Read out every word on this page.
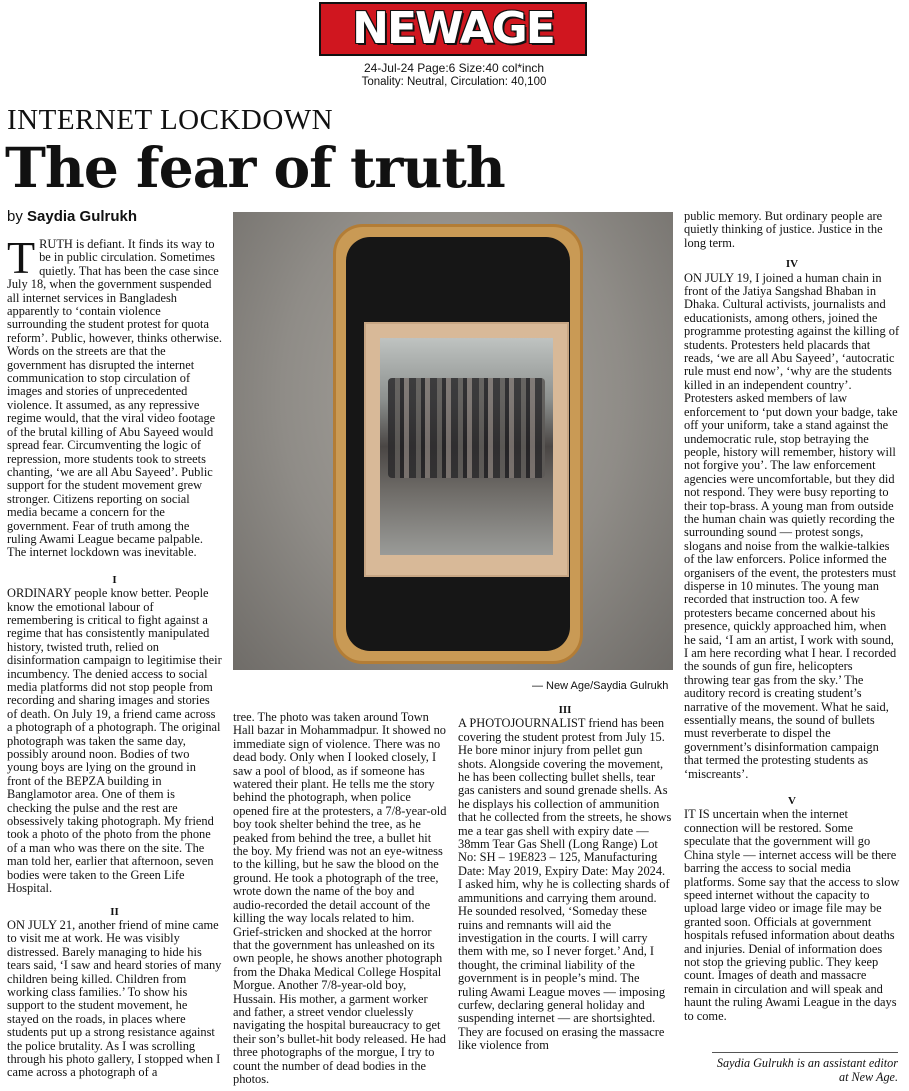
NEWAGE
24-Jul-24 Page:6 Size:40 col*inch
Tonality: Neutral, Circulation: 40,100
INTERNET LOCKDOWN
The fear of truth
by Saydia Gulrukh

TRUTH is defiant. It finds its way to be in public circulation. Sometimes quietly. That has been the case since July 18, when the government suspended all internet services in Bangladesh apparently to ‘contain violence surrounding the student protest for quota reform’. Public, however, thinks otherwise. Words on the streets are that the government has disrupted the internet communication to stop circulation of images and stories of unprecedented violence. It assumed, as any repressive regime would, that the viral video footage of the brutal killing of Abu Sayeed would spread fear. Circumventing the logic of repression, more students took to streets chanting, ‘we are all Abu Sayeed’. Public support for the student movement grew stronger. Citizens reporting on social media became a concern for the government. Fear of truth among the ruling Awami League became palpable. The internet lockdown was inevitable.

I

ORDINARY people know better. People know the emotional labour of remembering is critical to fight against a regime that has consistently manipulated history, twisted truth, relied on disinformation campaign to legitimise their incumbency. The denied access to social media platforms did not stop people from recording and sharing images and stories of death. On July 19, a friend came across a photograph of a photograph. The original photograph was taken the same day, possibly around noon. Bodies of two young boys are lying on the ground in front of the BEPZA building in Banglamotor area. One of them is checking the pulse and the rest are obsessively taking photograph. My friend took a photo of the photo from the phone of a man who was there on the site. The man told her, earlier that afternoon, seven bodies were taken to the Green Life Hospital.

II

ON JULY 21, another friend of mine came to visit me at work. He was visibly distressed. Barely managing to hide his tears said, ‘I saw and heard stories of many children being killed. Children from working class families.’ To show his support to the student movement, he stayed on the roads, in places where students put up a strong resistance against the police brutality. As I was scrolling through his photo gallery, I stopped when I came across a photograph of a

— New Age/Saydia Gulrukh

tree. The photo was taken around Town Hall bazar in Mohammadpur. It showed no immediate sign of violence. There was no dead body. Only when I looked closely, I saw a pool of blood, as if someone has watered their plant. He tells me the story behind the photograph, when police opened fire at the protesters, a 7/8-year-old boy took shelter behind the tree, as he peaked from behind the tree, a bullet hit the boy. My friend was not an eye-witness to the killing, but he saw the blood on the ground. He took a photograph of the tree, wrote down the name of the boy and audio-recorded the detail account of the killing the way locals related to him. Grief-stricken and shocked at the horror that the government has unleashed on its own people, he shows another photograph from the Dhaka Medical College Hospital Morgue. Another 7/8-year-old boy, Hussain. His mother, a garment worker and father, a street vendor cluelessly navigating the hospital bureaucracy to get their son’s bullet-hit body released. He had three photographs of the morgue, I try to count the number of dead bodies in the photos.

III

A PHOTOJOURNALIST friend has been covering the student protest from July 15. He bore minor injury from pellet gun shots. Alongside covering the movement, he has been collecting bullet shells, tear gas canisters and sound grenade shells. As he displays his collection of ammunition that he collected from the streets, he shows me a tear gas shell with expiry date — 38mm Tear Gas Shell (Long Range) Lot No: SH – 19E823 – 125, Manufacturing Date: May 2019, Expiry Date: May 2024. I asked him, why he is collecting shards of ammunitions and carrying them around. He sounded resolved, ‘Someday these ruins and remnants will aid the investigation in the courts. I will carry them with me, so I never forget.’ And, I thought, the criminal liability of the government is in people’s mind. The ruling Awami League moves — imposing curfew, declaring general holiday and suspending internet — are shortsighted. They are focused on erasing the massacre like violence from

public memory. But ordinary people are quietly thinking of justice. Justice in the long term.

IV

ON JULY 19, I joined a human chain in front of the Jatiya Sangshad Bhaban in Dhaka. Cultural activists, journalists and educationists, among others, joined the programme protesting against the killing of students. Protesters held placards that reads, ‘we are all Abu Sayeed’, ‘autocratic rule must end now’, ‘why are the students killed in an independent country’. Protesters asked members of law enforcement to ‘put down your badge, take off your uniform, take a stand against the undemocratic rule, stop betraying the people, history will remember, history will not forgive you’. The law enforcement agencies were uncomfortable, but they did not respond. They were busy reporting to their top-brass. A young man from outside the human chain was quietly recording the surrounding sound — protest songs, slogans and noise from the walkie-talkies of the law enforcers. Police informed the organisers of the event, the protesters must disperse in 10 minutes. The young man recorded that instruction too. A few protesters became concerned about his presence, quickly approached him, when he said, ‘I am an artist, I work with sound, I am here recording what I hear. I recorded the sounds of gun fire, helicopters throwing tear gas from the sky.’ The auditory record is creating student’s narrative of the movement. What he said, essentially means, the sound of bullets must reverberate to dispel the government’s disinformation campaign that termed the protesting students as ‘miscreants’.

V

IT IS uncertain when the internet connection will be restored. Some speculate that the government will go China style — internet access will be there barring the access to social media platforms. Some say that the access to slow speed internet without the capacity to upload large video or image file may be granted soon. Officials at government hospitals refused information about deaths and injuries. Denial of information does not stop the grieving public. They keep count. Images of death and massacre remain in circulation and will speak and haunt the ruling Awami League in the days to come.

Saydia Gulrukh is an assistant editor at New Age.
